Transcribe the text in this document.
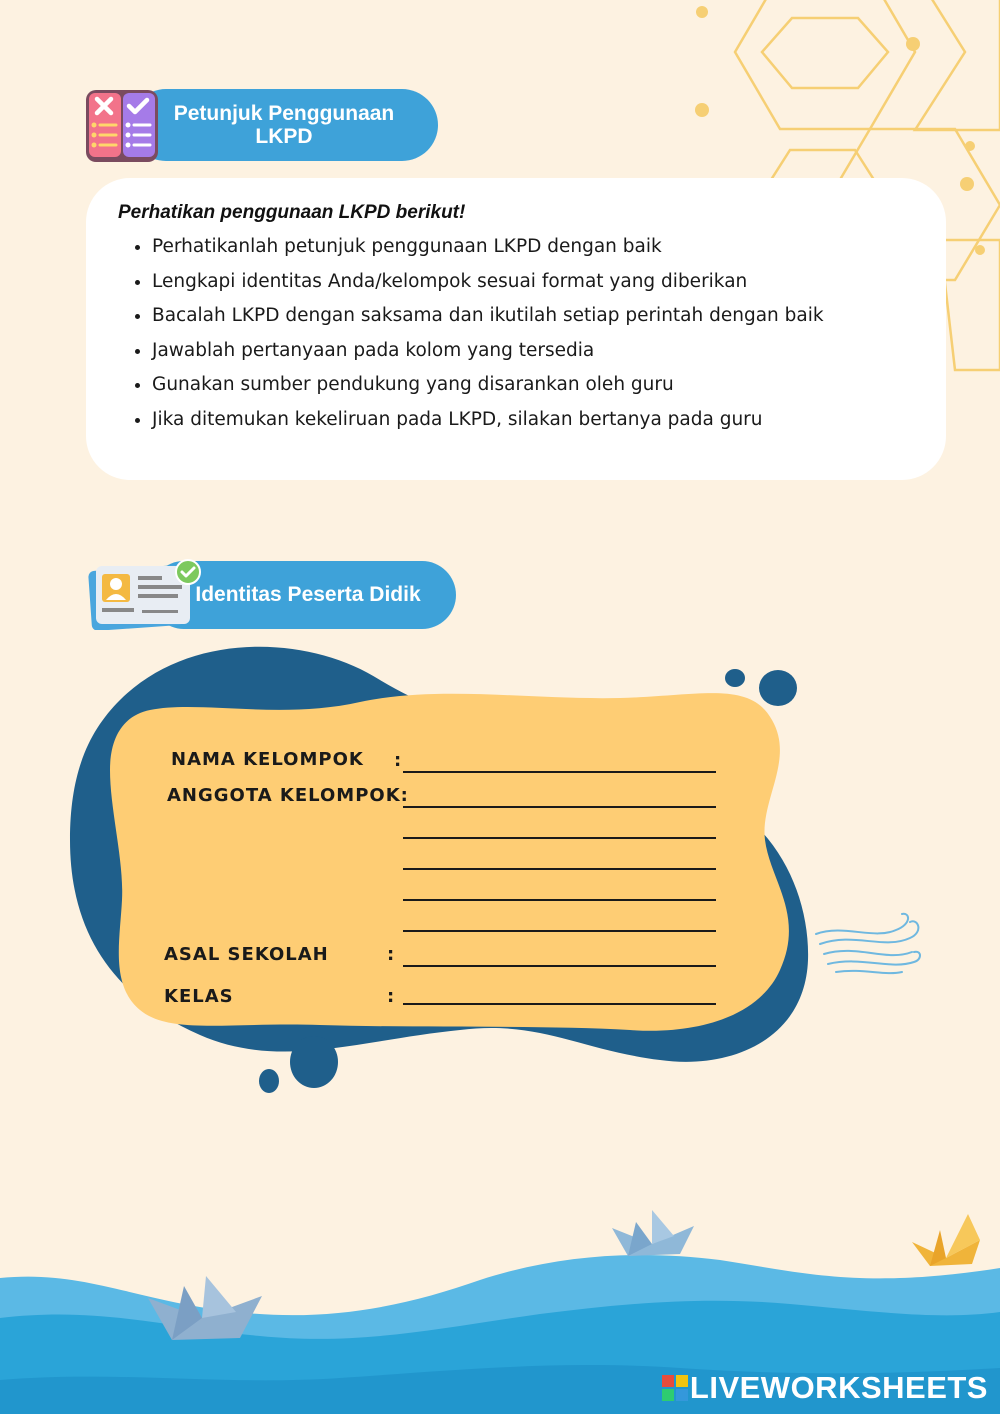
Petunjuk Penggunaan
LKPD
Perhatikan penggunaan LKPD berikut!
• Perhatikanlah petunjuk penggunaan LKPD dengan baik
• Lengkapi identitas Anda/kelompok sesuai format yang diberikan
• Bacalah LKPD dengan saksama dan ikutilah setiap perintah dengan baik
• Jawablah pertanyaan pada kolom yang tersedia
• Gunakan sumber pendukung yang disarankan oleh guru
• Jika ditemukan kekeliruan pada LKPD, silakan bertanya pada guru
Identitas Peserta Didik
NAMA KELOMPOK :
ANGGOTA KELOMPOK:
ASAL SEKOLAH	:
KELAS	:
LIVEWORKSHEETS
